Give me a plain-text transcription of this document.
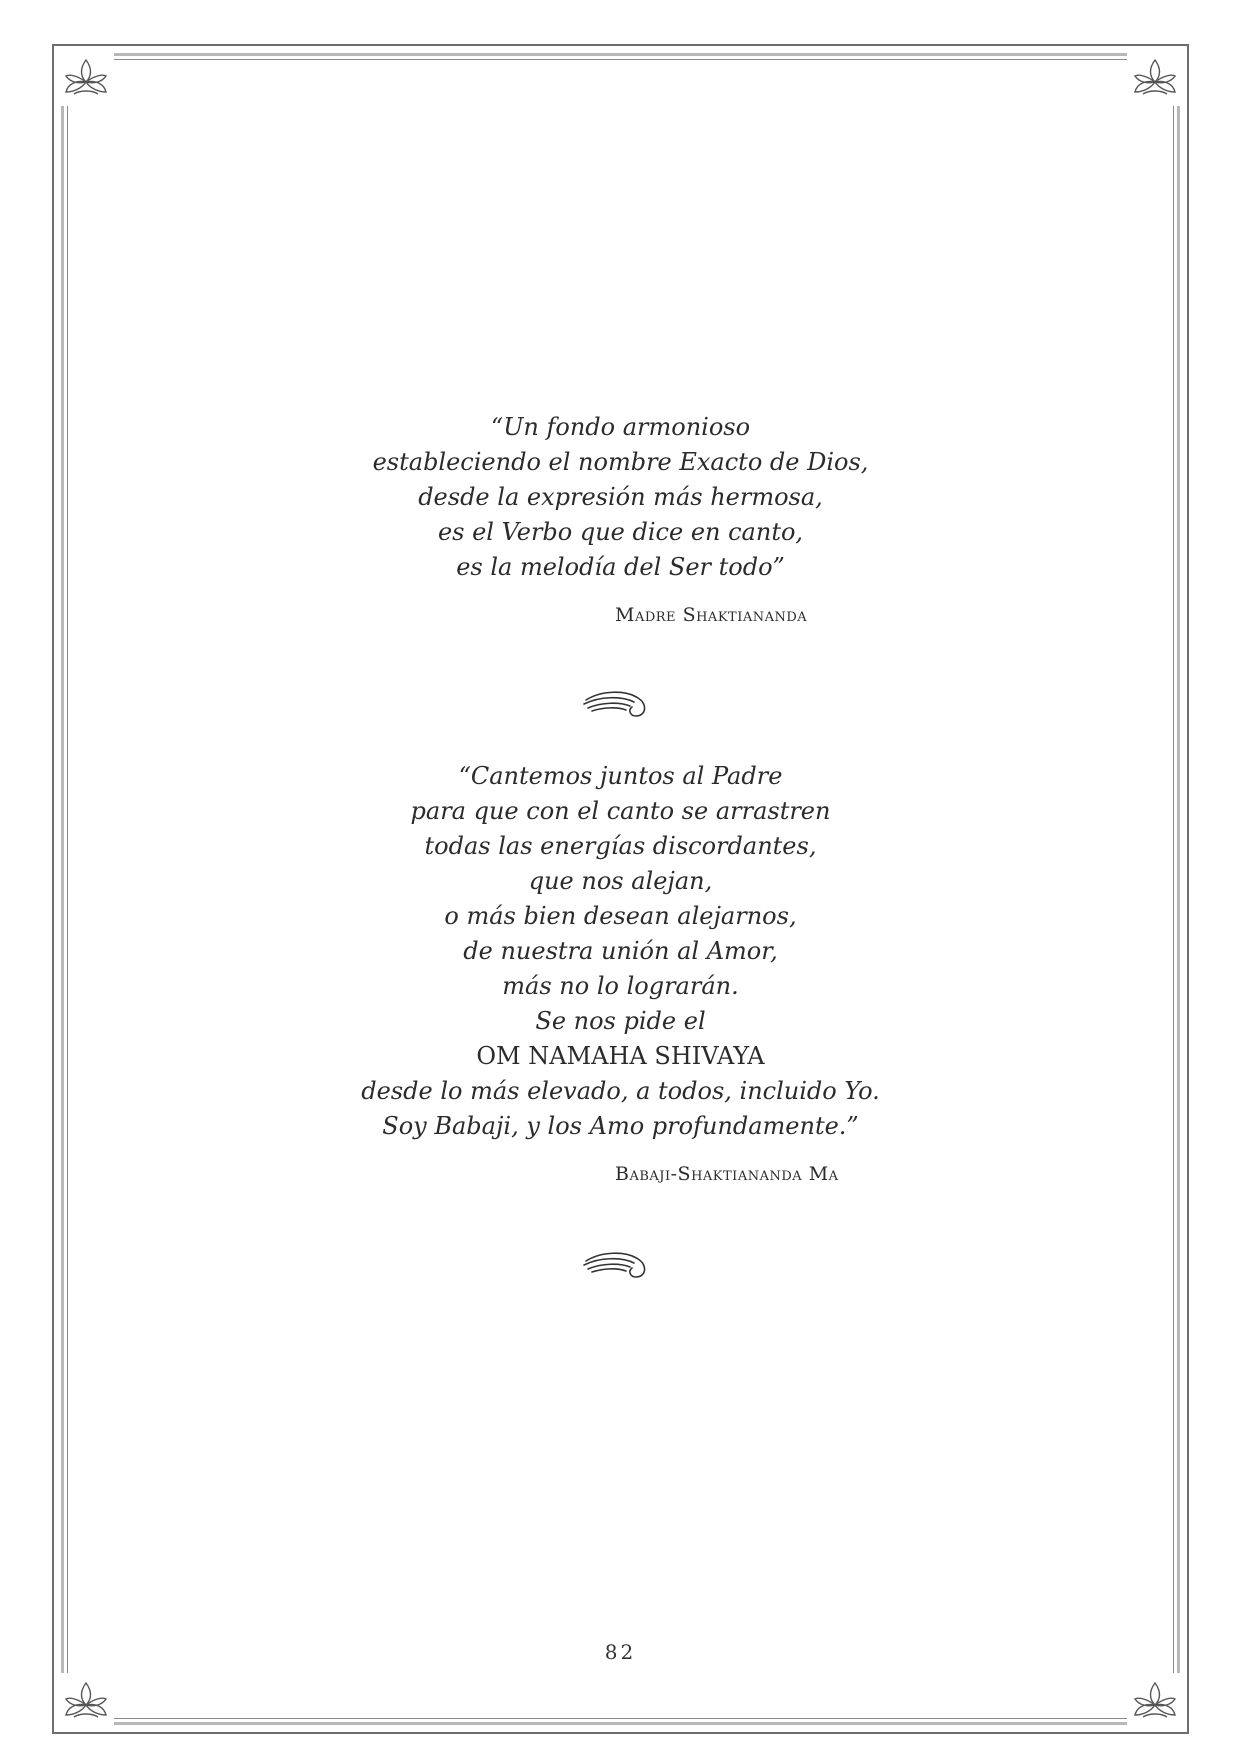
“Un fondo armonioso
estableciendo el nombre Exacto de Dios,
desde la expresión más hermosa,
es el Verbo que dice en canto,
es la melodía del Ser todo”
Madre Shaktiananda
“Cantemos juntos al Padre
para que con el canto se arrastren
todas las energías discordantes,
que nos alejan,
o más bien desean alejarnos,
de nuestra unión al Amor,
más no lo lograrán.
Se nos pide el
OM NAMAHA SHIVAYA
desde lo más elevado, a todos, incluido Yo.
Soy Babaji, y los Amo profundamente.”
Babaji-Shaktiananda Ma
82
